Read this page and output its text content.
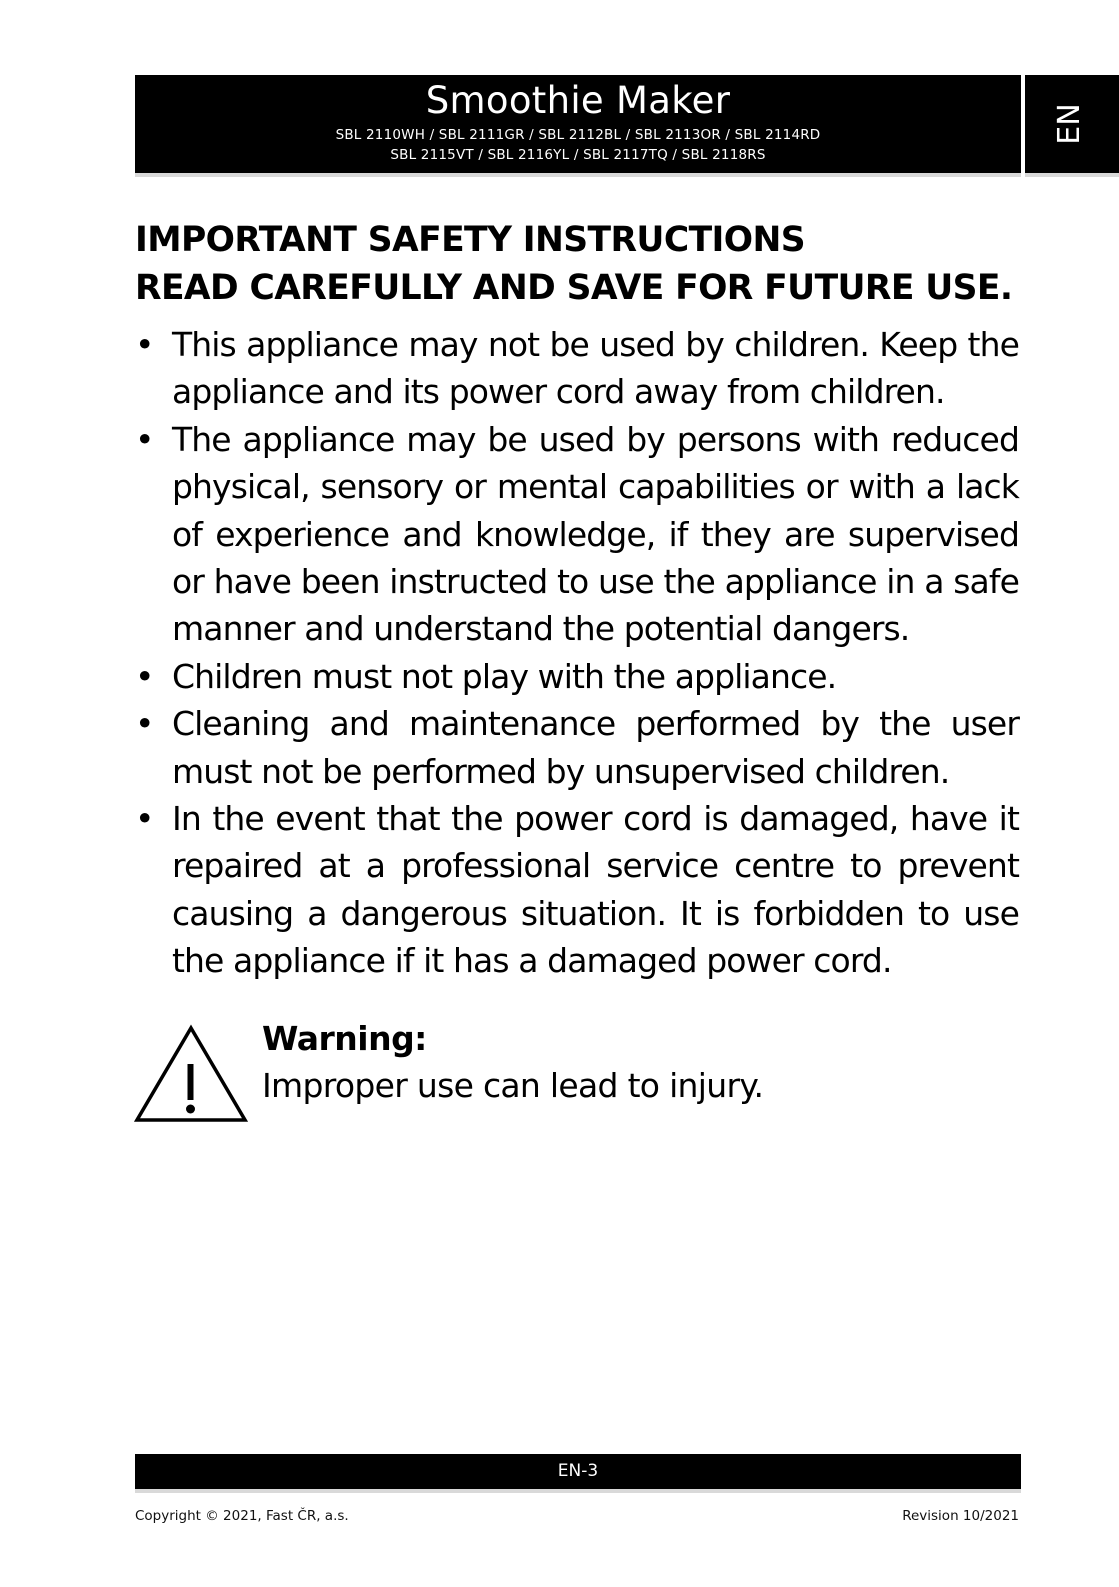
Smoothie Maker
SBL 2110WH / SBL 2111GR / SBL 2112BL / SBL 2113OR / SBL 2114RD
SBL 2115VT / SBL 2116YL / SBL 2117TQ / SBL 2118RS
EN
IMPORTANT SAFETY INSTRUCTIONS
READ CAREFULLY AND SAVE FOR FUTURE USE.
• This appliance may not be used by children. Keep the appliance and its power cord away from children.
• The appliance may be used by persons with reduced physical, sensory or mental capabilities or with a lack of experience and knowledge, if they are supervised or have been instructed to use the appliance in a safe manner and understand the potential dangers.
• Children must not play with the appliance.
• Cleaning and maintenance performed by the user must not be performed by unsupervised children.
• In the event that the power cord is damaged, have it repaired at a professional service centre to prevent causing a dangerous situation. It is forbidden to use the appliance if it has a damaged power cord.
Warning:
Improper use can lead to injury.
EN-3
Copyright © 2021, Fast ČR, a.s.	Revision 10/2021
